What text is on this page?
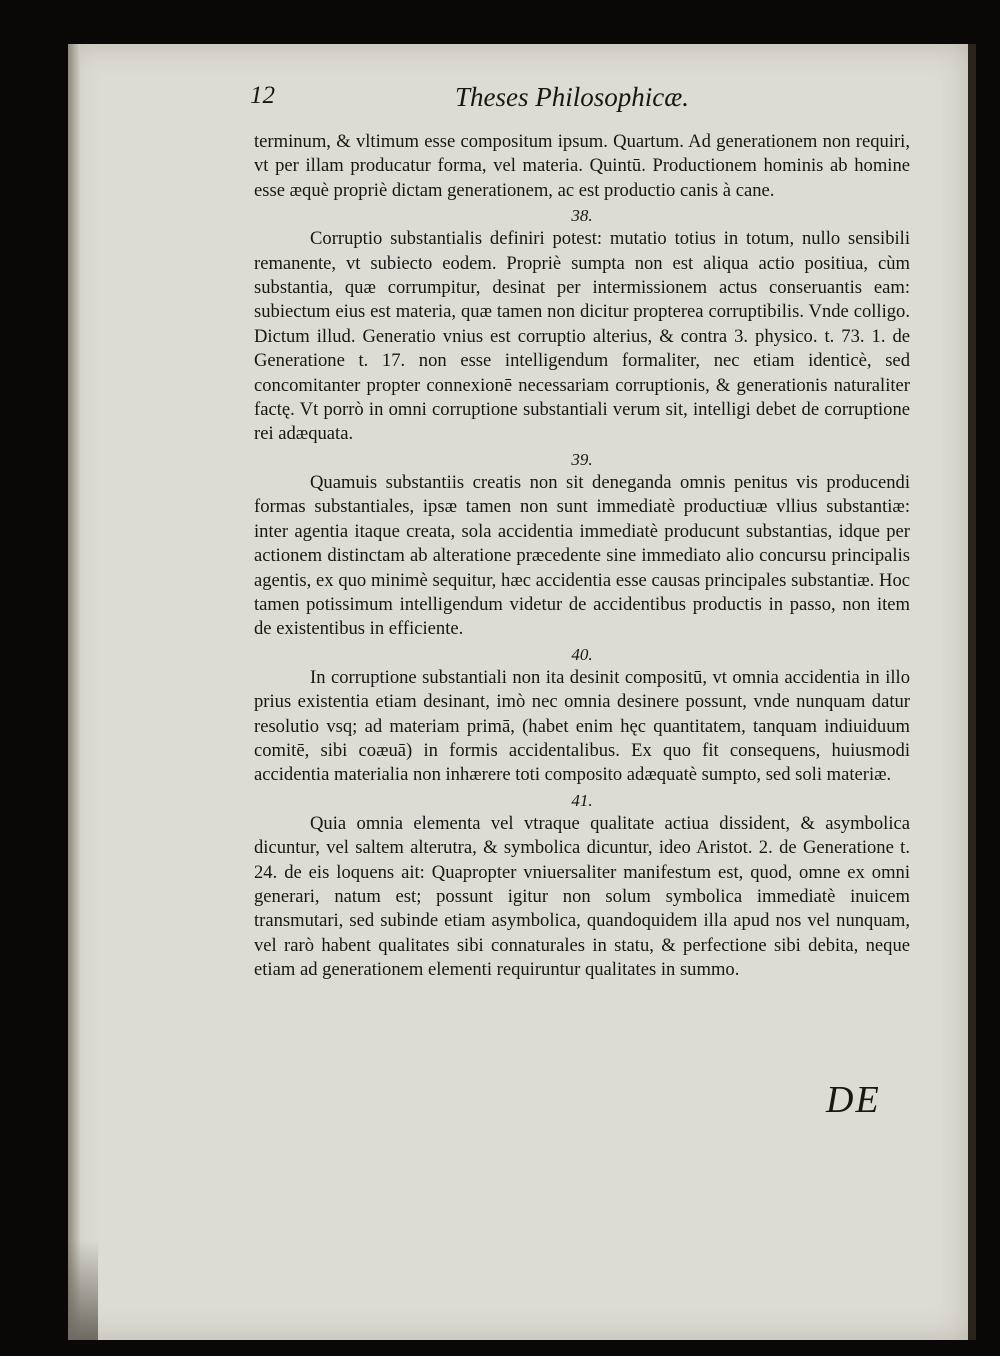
12	Theses Philosophicæ.

terminum, & vltimum esse compositum ipsum. Quartum. Ad generationem non requiri, vt per illam producatur forma, vel materia. Quintū. Productionem hominis ab homine esse æquè propriè dictam generationem, ac est productio canis à cane.

38.

Corruptio substantialis definiri potest: mutatio totius in totum, nullo sensibili remanente, vt subiecto eodem. Propriè sumpta non est aliqua actio positiua, cùm substantia, quæ corrumpitur, desinat per intermissionem actus conseruantis eam: subiectum eius est materia, quæ tamen non dicitur propterea corruptibilis. Vnde colligo. Dictum illud. Generatio vnius est corruptio alterius, & contra 3. physico. t. 73. 1. de Generatione t. 17. non esse intelligendum formaliter, nec etiam identicè, sed concomitanter propter connexionē necessariam corruptionis, & generationis naturaliter factę. Vt porrò in omni corruptione substantiali verum sit, intelligi debet de corruptione rei adæquata.

39.

Quamuis substantiis creatis non sit deneganda omnis penitus vis producendi formas substantiales, ipsæ tamen non sunt immediatè productiuæ vllius substantiæ: inter agentia itaque creata, sola accidentia immediatè producunt substantias, idque per actionem distinctam ab alteratione præcedente sine immediato alio concursu principalis agentis, ex quo minimè sequitur, hæc accidentia esse causas principales substantiæ. Hoc tamen potissimum intelligendum videtur de accidentibus productis in passo, non item de existentibus in efficiente.

40.

In corruptione substantiali non ita desinit compositū, vt omnia accidentia in illo prius existentia etiam desinant, imò nec omnia desinere possunt, vnde nunquam datur resolutio vsq; ad materiam primā, (habet enim hęc quantitatem, tanquam indiuiduum comitē, sibi coæuā) in formis accidentalibus. Ex quo fit consequens, huiusmodi accidentia materialia non inhærere toti composito adæquatè sumpto, sed soli materiæ.

41.

Quia omnia elementa vel vtraque qualitate actiua dissident, & asymbolica dicuntur, vel saltem alterutra, & symbolica dicuntur, ideo Aristot. 2. de Generatione t. 24. de eis loquens ait: Quapropter vniuersaliter manifestum est, quod, omne ex omni generari, natum est; possunt igitur non solum symbolica immediatè inuicem transmutari, sed subinde etiam asymbolica, quandoquidem illa apud nos vel nunquam, vel rarò habent qualitates sibi connaturales in statu, & perfectione sibi debita, neque etiam ad generationem elementi requiruntur qualitates in summo.

DE
